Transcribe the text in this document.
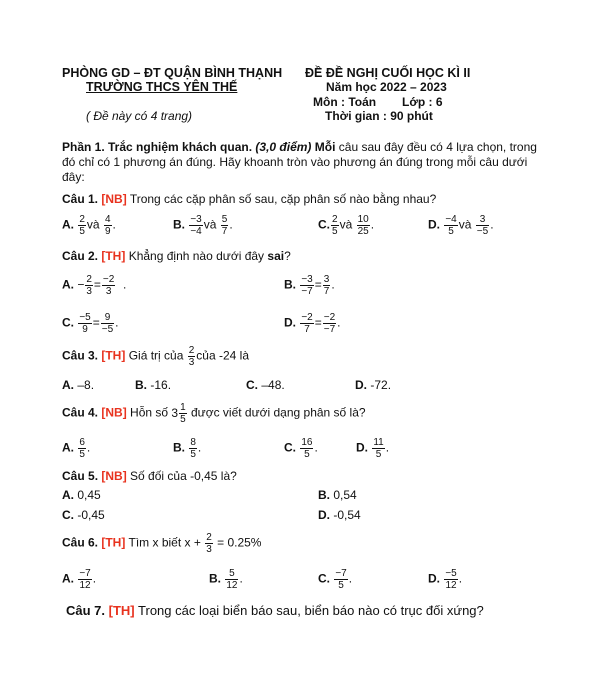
PHÒNG GD – ĐT QUẬN BÌNH THẠNH
TRƯỜNG THCS YÊN THẾ
( Đề này có 4 trang)
ĐỀ ĐỀ NGHỊ CUỐI HỌC KÌ II
Năm học 2022 – 2023
Môn : Toán Lớp : 6
Thời gian : 90 phút
Phần 1. Trắc nghiệm khách quan. (3,0 điểm) Mỗi câu sau đây đều có 4 lựa chọn, trong đó chỉ có 1 phương án đúng. Hãy khoanh tròn vào phương án đúng trong mỗi câu dưới đây:
Câu 1. [NB] Trong các cặp phân số sau, cặp phân số nào bằng nhau?
A. $\frac{2}{5}$ và $\frac{4}{9}$ .	B. $\frac{-3}{-4}$ và $\frac{5}{7}$ .	C. $\frac{2}{5}$ và $\frac{10}{25}$ .	D. $\frac{-4}{5}$ và $\frac{3}{-5}$ .
Câu 2. [TH] Khẳng định nào dưới đây sai?
A. − $\frac{2}{3} = \frac{-2}{3}$ .	B. $\frac{-3}{-7} = \frac{3}{7}$ .
C. $\frac{-5}{9} = \frac{9}{-5}$ .	D. $\frac{-2}{7} = \frac{-2}{-7}$ .
Câu 3. [TH] Giá trị của $\frac{2}{3}$ của -24 là
A. –8.	B. -16.	C. –48.	D. -72.
Câu 4. [NB] Hỗn số $3 \frac{1}{5}$ được viết dưới dạng phân số là?
A. $\frac{6}{5}$ .	B. $\frac{8}{5}$ .	C. $\frac{16}{5}$ .	D. $\frac{11}{5}$ .
Câu 5. [NB] Số đối của -0,45 là?
A. 0,45	B. 0,54
C. -0,45	D. -0,54
Câu 6. [TH] Tìm x biết $x + \frac{2}{3} = 0.25\%$
A. $\frac{-7}{12}$ .	B. $\frac{5}{12}$ .	C. $\frac{-7}{5}$ .	D. $\frac{-5}{12}$ .
Câu 7. [TH] Trong các loại biển báo sau, biển báo nào có trục đối xứng?
